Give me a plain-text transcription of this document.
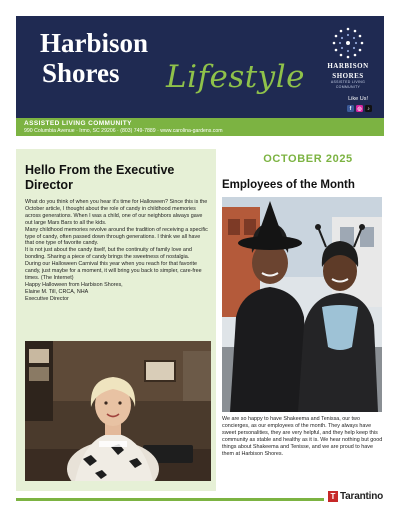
Harbison
Shores Lifestyle	HARBISON
SHORES
ASSISTED LIVING COMMUNITY
Like Us!
f	◎	♪
ASSISTED LIVING COMMUNITY
990 Columbia Avenue · Irmo, SC 29206 · (803) 749-7889 · www.carolina-gardens.com
Hello From the Executive Director
What do you think of when you hear it's time for Halloween? Since this is the October article, I thought about the role of candy in childhood memories across generations. When I was a child, one of our neighbors always gave out large Mars Bars to all the kids.
Many childhood memories revolve around the tradition of receiving a specific type of candy, often passed down through generations. I think we all have that one type of favorite candy.
It is not just about the candy itself, but the continuity of family love and bonding. Sharing a piece of candy brings the sweetness of nostalgia.
During our Halloween Carnival this year when you reach for that favorite candy, just maybe for a moment, it will bring you back to simpler, care-free times. (The Internet)
Happy Halloween from Harbison Shores,
Elaine M. Till, CRCA, NHA
Executive Director
OCTOBER 2025
Employees of the Month
We are so happy to have Shakeema and Tenissa, our two concierges, as our employees of the month. They always have sweet personalities, they are very helpful, and they help keep this community as stable and healthy as it is. We hear nothing but good things about Shakeema and Tenisse, and we are proud to have them at Harbison Shores.
T Tarantino
